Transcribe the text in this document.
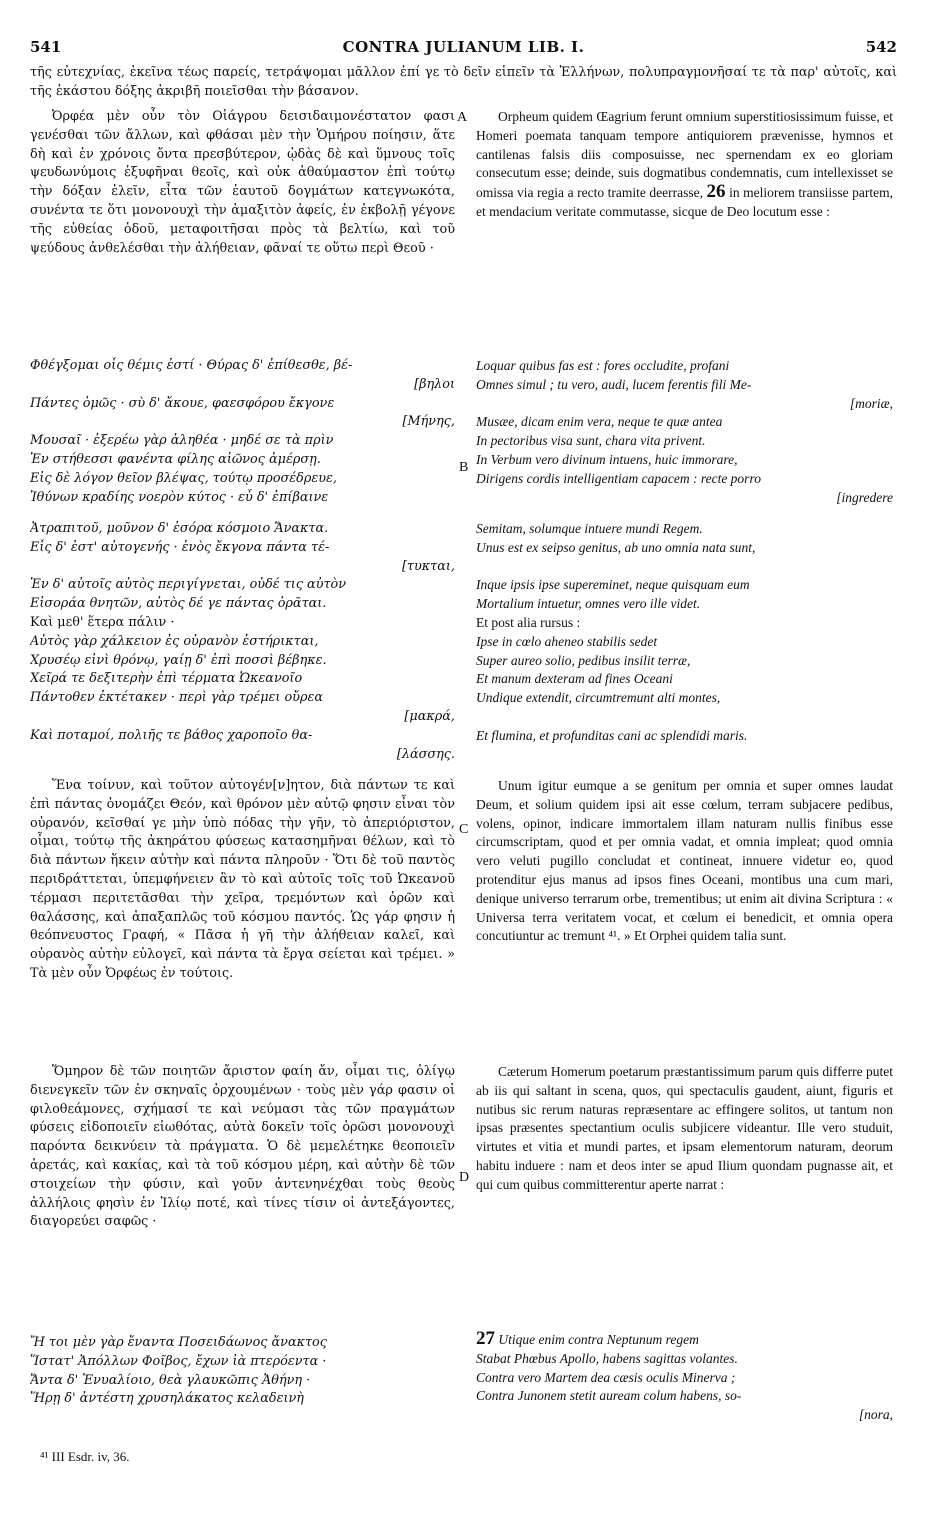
541	CONTRA JULIANUM LIB. I.	542

τῆς εὐτεχνίας, ἐκεῖνα τέως παρείς, τετράψομαι μᾶλλον ἐπί γε τὸ δεῖν εἰπεῖν τὰ Ἑλλήνων, πολυπραγμονῆσαί τε τὰ παρ' αὐτοῖς, καὶ τῆς ἑκάστου δόξης ἀκριβῆ ποιεῖσθαι τὴν βάσανον.

Ὀρφέα μὲν οὖν τὸν Οἰάγρου δεισιδαιμονέστατον φασι γενέσθαι τῶν ἄλλων, καὶ φθάσαι μὲν τὴν Ὁμήρου ποίησιν, ἅτε δὴ καὶ ἐν χρόνοις ὄντα πρεσβύτερον, ᾠδὰς δὲ καὶ ὕμνους τοῖς ψευδωνύμοις ἐξυφῆναι θεοῖς, καὶ οὐκ ἀθαύμαστον ἐπὶ τούτῳ τὴν δόξαν ἑλεῖν, εἶτα τῶν ἑαυτοῦ δογμάτων κατεγνωκότα, συνέντα τε ὅτι μονονουχὶ τὴν ἁμαξιτὸν ἀφείς, ἐν ἐκβολῇ γέγονε τῆς εὐθείας ὁδοῦ, μεταφοιτῆσαι πρὸς τὰ βελτίω, καὶ τοῦ ψεύδους ἀνθελέσθαι τὴν ἀλήθειαν, φᾶναί τε οὕτω περὶ Θεοῦ ·

Φθέγξομαι οἷς θέμις ἐστί · Θύρας δ' ἐπίθεσθε, βέ-
[βηλοι
Πάντες ὁμῶς · σὺ δ' ἄκουε, φαεσφόρου ἔκγονε
[Μήνης,
Μουσαῖ · ἐξερέω γὰρ ἀληθέα · μηδέ σε τὰ πρὶν
Ἐν στήθεσσι φανέντα φίλης αἰῶνος ἀμέρσῃ.
Εἰς δὲ λόγον θεῖον βλέψας, τούτῳ προσέδρευε,
Ἰθύνων κραδίης νοερὸν κύτος · εὖ δ' ἐπίβαινε
Ἀτραπιτοῦ, μοῦνον δ' ἐσόρα κόσμοιο Ἄνακτα.
Εἷς δ' ἐστ' αὐτογενής · ἑνὸς ἔκγονα πάντα τέ-
[τυκται,
Ἐν δ' αὐτοῖς αὐτὸς περιγίγνεται, οὐδέ τις αὐτὸν
Εἰσοράα θνητῶν, αὐτὸς δέ γε πάντας ὁρᾶται.

Καὶ μεθ' ἕτερα πάλιν ·

Αὐτὸς γὰρ χάλκειον ἐς οὐρανὸν ἐστήρικται,
Χρυσέῳ εἰνὶ θρόνῳ, γαίῃ δ' ἐπὶ ποσσὶ βέβηκε.
Χεῖρά τε δεξιτερὴν ἐπὶ τέρματα Ὠκεανοῖο
Πάντοθεν ἐκτέτακεν · περὶ γὰρ τρέμει οὔρεα
[μακρά,
Καὶ ποταμοί, πολιῆς τε βάθος χαροποῖο θα-
[λάσσης.

Ἕνα τοίνυν, καὶ τοῦτον αὐτογέν[ν]ητον, διὰ πάντων τε καὶ ἐπὶ πάντας ὀνομάζει Θεόν, καὶ θρόνον μὲν αὐτῷ φησιν εἶναι τὸν οὐρανόν, κεῖσθαί γε μὴν ὑπὸ πόδας τὴν γῆν, τὸ ἀπεριόριστον, οἶμαι, τούτῳ τῆς ἀκηράτου φύσεως κατασημῆναι θέλων, καὶ τὸ διὰ πάντων ἥκειν αὐτὴν καὶ πάντα πληροῦν · Ὅτι δὲ τοῦ παντὸς περιδράττεται, ὑπεμφήνειεν ἂν τὸ καὶ αὐτοῖς τοῖς τοῦ Ὠκεανοῦ τέρμασι περιτετᾶσθαι τὴν χεῖρα, τρεμόντων καὶ ὀρῶν καὶ θαλάσσης, καὶ ἁπαξαπλῶς τοῦ κόσμου παντός. Ὡς γάρ φησιν ἡ θεόπνευστος Γραφή, « Πᾶσα ἡ γῆ τὴν ἀλήθειαν καλεῖ, καὶ οὐρανὸς αὐτὴν εὐλογεῖ, καὶ πάντα τὰ ἔργα σείεται καὶ τρέμει. » Τὰ μὲν οὖν Ὀρφέως ἐν τούτοις.

Ὅμηρον δὲ τῶν ποιητῶν ἄριστον φαίη ἄν, οἶμαι τις, ὀλίγῳ διενεγκεῖν τῶν ἐν σκηναῖς ὀρχουμένων · τοὺς μὲν γάρ φασιν οἱ φιλοθεάμονες, σχήμασί τε καὶ νεύμασι τὰς τῶν πραγμάτων φύσεις εἰδοποιεῖν εἰωθότας, αὐτὰ δοκεῖν τοῖς ὁρῶσι μονονουχὶ παρόντα δεικνύειν τὰ πράγματα. Ὁ δὲ μεμελέτηκε θεοποιεῖν ἀρετάς, καὶ κακίας, καὶ τὰ τοῦ κόσμου μέρη, καὶ αὐτὴν δὲ τῶν στοιχείων τὴν φύσιν, καὶ γοῦν ἀντενηνέχθαι τοὺς θεοὺς ἀλλήλοις φησὶν ἐν Ἰλίῳ ποτέ, καὶ τίνες τίσιν οἱ ἀντεξάγοντες, διαγορεύει σαφῶς ·

Ἤ τοι μὲν γὰρ ἔναντα Ποσειδάωνος ἄνακτος
Ἵστατ' Ἀπόλλων Φοῖβος, ἔχων ἰὰ πτερόεντα ·
Ἄντα δ' Ἐνυαλίοιο, θεὰ γλαυκῶπις Ἀθήνη ·
Ἥρῃ δ' ἀντέστη χρυσηλάκατος κελαδεινὴ

Orpheum quidem Œagrium ferunt omnium superstitiosissimum fuisse, et Homeri poemata tanquam tempore antiquiorem prævenisse, hymnos et cantilenas falsis diis composuisse, nec spernendam ex eo gloriam consecutum esse; deinde, suis dogmatibus condemnatis, cum intellexisset se omissa via regia a recto tramite deerrasse, 26 in meliorem transiisse partem, et mendacium veritate commutasse, sicque de Deo locutum esse :

Loquar quibus fas est : fores occludite, profani
Omnes simul ; tu vero, audi, lucem ferentis fili Me-
[moriæ,
Musæe, dicam enim vera, neque te quæ antea
In pectoribus visa sunt, chara vita privent.
In Verbum vero divinum intuens, huic immorare,
Dirigens cordis intelligentiam capacem : recte porro
[ingredere
Semitam, solumque intuere mundi Regem.
Unus est ex seipso genitus, ab uno omnia nata sunt,
Inque ipsis ipse supereminet, neque quisquam eum
Mortalium intuetur, omnes vero ille videt.

Et post alia rursus :

Ipse in cœlo aheneo stabilis sedet
Super aureo solio, pedibus insilit terræ,
Et manum dexteram ad fines Oceani
Undique extendit, circumtremunt alti montes,
Et flumina, et profunditas cani ac splendidi maris.

Unum igitur eumque a se genitum per omnia et super omnes laudat Deum, et solium quidem ipsi ait esse cœlum, terram subjacere pedibus, volens, opinor, indicare immortalem illam naturam nullis finibus esse circumscriptam, quod et per omnia vadat, et omnia impleat; quod omnia vero veluti pugillo concludat et contineat, innuere videtur eo, quod protenditur ejus manus ad ipsos fines Oceani, montibus una cum mari, denique universo terrarum orbe, trementibus; ut enim ait divina Scriptura : « Universa terra veritatem vocat, et cœlum ei benedicit, et omnia opera concutiuntur ac tremunt ⁴¹. » Et Orphei quidem talia sunt.

Cæterum Homerum poetarum præstantissimum parum quis differre putet ab iis qui saltant in scena, quos, qui spectaculis gaudent, aiunt, figuris et nutibus sic rerum naturas repræsentare ac effingere solitos, ut tantum non ipsas præsentes spectantium oculis subjicere videantur. Ille vero studuit, virtutes et vitia et mundi partes, et ipsam elementorum naturam, deorum habitu induere : nam et deos inter se apud Ilium quondam pugnasse ait, et qui cum quibus committerentur aperte narrat :

27 Utique enim contra Neptunum regem
Stabat Phœbus Apollo, habens sagittas volantes.
Contra vero Martem dea cæsis oculis Minerva ;
Contra Junonem stetit auream colum habens, so-
[nora,
A
B
C
D
⁴¹ III Esdr. iv, 36.
